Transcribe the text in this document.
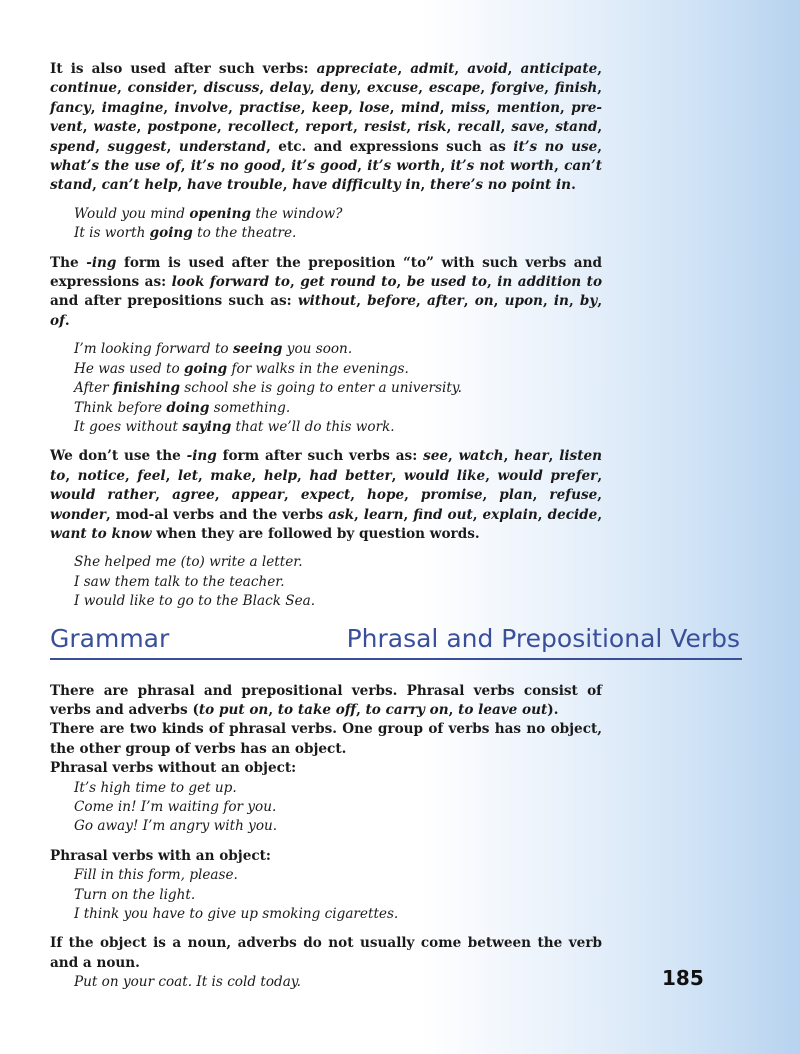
It is also used after such verbs: appreciate, admit, avoid, anticipate, continue, consider, discuss, delay, deny, excuse, escape, forgive, finish, fancy, imagine, involve, practise, keep, lose, mind, miss, mention, pre-vent, waste, postpone, recollect, report, resist, risk, recall, save, stand, spend, suggest, understand, etc. and expressions such as it’s no use, what’s the use of, it’s no good, it’s good, it’s worth, it’s not worth, can’t stand, can’t help, have trouble, have difficulty in, there’s no point in.

Would you mind opening the window?
It is worth going to the theatre.

The -ing form is used after the preposition “to” with such verbs and expressions as: look forward to, get round to, be used to, in addition to and after prepositions such as: without, before, after, on, upon, in, by, of.

I’m looking forward to seeing you soon.
He was used to going for walks in the evenings.
After finishing school she is going to enter a university.
Think before doing something.
It goes without saying that we’ll do this work.

We don’t use the -ing form after such verbs as: see, watch, hear, listen to, notice, feel, let, make, help, had better, would like, would prefer, would rather, agree, appear, expect, hope, promise, plan, refuse, wonder, mod-al verbs and the verbs ask, learn, find out, explain, decide, want to know when they are followed by question words.

She helped me (to) write a letter.
I saw them talk to the teacher.
I would like to go to the Black Sea.
Grammar	Phrasal and Prepositional Verbs

There are phrasal and prepositional verbs. Phrasal verbs consist of verbs and adverbs (to put on, to take off, to carry on, to leave out).
There are two kinds of phrasal verbs. One group of verbs has no object, the other group of verbs has an object.
Phrasal verbs without an object:

It’s high time to get up.
Come in! I’m waiting for you.
Go away! I’m angry with you.

Phrasal verbs with an object:

Fill in this form, please.
Turn on the light.
I think you have to give up smoking cigarettes.

If the object is a noun, adverbs do not usually come between the verb and a noun.

Put on your coat. It is cold today.	185
